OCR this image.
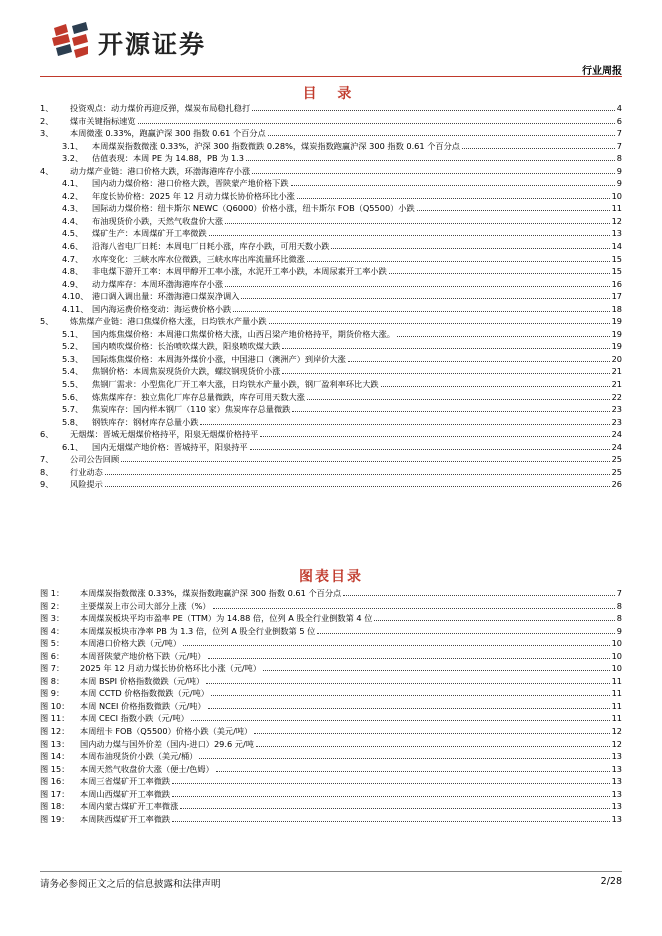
开源证券
行业周报
目 录
1、	投资观点：动力煤价再迎反弹，煤炭布局稳扎稳打	4
2、	煤市关键指标速览	6
3、	本周微涨 0.33%，跑赢沪深 300 指数 0.61 个百分点	7
3.1、	本周煤炭指数微涨 0.33%，沪深 300 指数微跌 0.28%，煤炭指数跑赢沪深 300 指数 0.61 个百分点	7
3.2、	估值表现：本周 PE 为 14.88，PB 为 1.3	8
4、	动力煤产业链：港口价格大跌，环渤海港库存小涨	9
4.1、	国内动力煤价格：港口价格大跌，晋陕蒙产地价格下跌	9
4.2、	年度长协价格：2025 年 12 月动力煤长协价格环比小涨	10
4.3、	国际动力煤价格：纽卡斯尔 NEWC（Q6000）价格小涨，纽卡斯尔 FOB（Q5500）小跌	11
4.4、	布油现货价小跌，天然气收盘价大涨	12
4.5、	煤矿生产：本周煤矿开工率微跌	13
4.6、	沿海八省电厂日耗：本周电厂日耗小涨，库存小跌，可用天数小跌	14
4.7、	水库变化：三峡水库水位微跌，三峡水库出库流量环比微涨	15
4.8、	非电煤下游开工率：本周甲醇开工率小涨，水泥开工率小跌，本周尿素开工率小跌	15
4.9、	动力煤库存：本周环渤海港库存小涨	16
4.10、 港口调入调出量：环渤海港口煤炭净调入	17
4.11、 国内海运费价格变动：海运费价格小跌	18
5、	炼焦煤产业链：港口焦煤价格大涨，日均铁水产量小跌	19
5.1、	国内炼焦煤价格：本周港口焦煤价格大涨，山西吕梁产地价格持平，期货价格大涨。	19
5.2、	国内喷吹煤价格：长治喷吹煤大跌，阳泉喷吹煤大跌	19
5.3、	国际炼焦煤价格：本周海外煤价小涨，中国港口（澳洲产）到岸价大涨	20
5.4、	焦钢价格：本周焦炭现货价大跌，螺纹钢现货价小涨	21
5.5、	焦钢厂需求：小型焦化厂开工率大涨，日均铁水产量小跌，钢厂盈利率环比大跌	21
5.6、	炼焦煤库存：独立焦化厂库存总量微跌，库存可用天数大涨	22
5.7、	焦炭库存：国内样本钢厂（110 家）焦炭库存总量微跌	23
5.8、	钢铁库存：钢材库存总量小跌	23
6、	无烟煤：晋城无烟煤价格持平，阳泉无烟煤价格持平	24
6.1、	国内无烟煤产地价格：晋城持平，阳泉持平	24
7、	公司公告回顾	25
8、	行业动态	25
9、	风险提示	26
图表目录
图 1：	本周煤炭指数微涨 0.33%，煤炭指数跑赢沪深 300 指数 0.61 个百分点	7
图 2：	主要煤炭上市公司大部分上涨（%）	8
图 3：	本周煤炭板块平均市盈率 PE（TTM）为 14.88 倍，位列 A 股全行业倒数第 4 位	8
图 4：	本周煤炭板块市净率 PB 为 1.3 倍，位列 A 股全行业倒数第 5 位	9
图 5：	本周港口价格大跌（元/吨）	10
图 6：	本周晋陕蒙产地价格下跌（元/吨）	10
图 7：	2025 年 12 月动力煤长协价格环比小涨（元/吨）	10
图 8：	本周 BSPI 价格指数微跌（元/吨）	11
图 9：	本周 CCTD 价格指数微跌（元/吨）	11
图 10：	本周 NCEI 价格指数微跌（元/吨）	11
图 11：	本周 CECI 指数小跌（元/吨）	11
图 12：	本周纽卡 FOB（Q5500）价格小跌（美元/吨）	12
图 13：	国内动力煤与国外价差（国内-进口）29.6 元/吨	12
图 14：	本周布油现货价小跌（美元/桶）	13
图 15：	本周天然气收盘价大涨（便士/色姆）	13
图 16：	本周三省煤矿开工率微跌	13
图 17：	本周山西煤矿开工率微跌	13
图 18：	本周内蒙古煤矿开工率微涨	13
图 19：	本周陕西煤矿开工率微跌	13
请务必参阅正文之后的信息披露和法律声明	2/28
